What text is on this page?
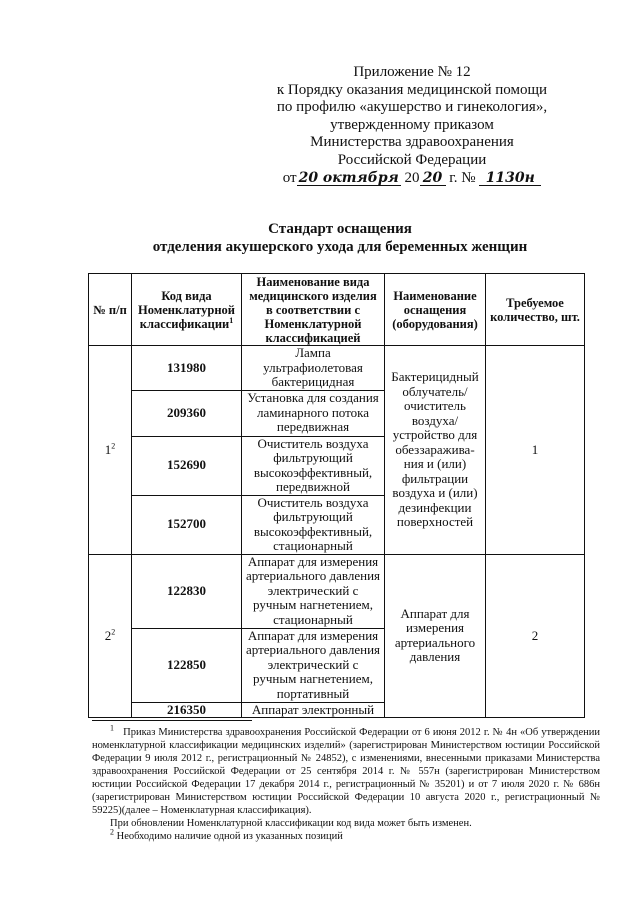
Приложение № 12
к Порядку оказания медицинской помощи
по профилю «акушерство и гинекология»,
утвержденному приказом
Министерства здравоохранения
Российской Федерации
от 20 октября 20 20 г. № 1130н
Стандарт оснащения
отделения акушерского ухода для беременных женщин
№ п/п	Код вида Номенклатурной классификации$^1$	Наименование вида медицинского изделия в соответствии с Номенклатурной классификацией	Наименование оснащения (оборудования)	Требуемое количество, шт.
$1^2$	131980	Лампа ультрафиолетовая бактерицидная	Бактерицидный облучатель/ очиститель воздуха/ устройство для обеззаражива-ния и (или) фильтрации воздуха и (или) дезинфекции поверхностей	1
	209360	Установка для создания ламинарного потока передвижная		
	152690	Очиститель воздуха фильтрующий высокоэффективный, передвижной		
	152700	Очиститель воздуха фильтрующий высокоэффективный, стационарный		
$2^2$	122830	Аппарат для измерения артериального давления электрический с ручным нагнетением, стационарный	Аппарат для измерения артериального давления	2
	122850	Аппарат для измерения артериального давления электрический с ручным нагнетением, портативный		
	216350	Аппарат электронный		

$^1$ Приказ Министерства здравоохранения Российской Федерации от 6 июня 2012 г. № 4н «Об утверждении номенклатурной классификации медицинских изделий» (зарегистрирован Министерством юстиции Российской Федерации 9 июля 2012 г., регистрационный № 24852), с изменениями, внесенными приказами Министерства здравоохранения Российской Федерации от 25 сентября 2014 г. № 557н (зарегистрирован Министерством юстиции Российской Федерации 17 декабря 2014 г., регистрационный № 35201) и от 7 июля 2020 г. № 686н (зарегистрирован Министерством юстиции Российской Федерации 10 августа 2020 г., регистрационный № 59225)(далее – Номенклатурная классификация).

При обновлении Номенклатурной классификации код вида может быть изменен.

$^2$ Необходимо наличие одной из указанных позиций
